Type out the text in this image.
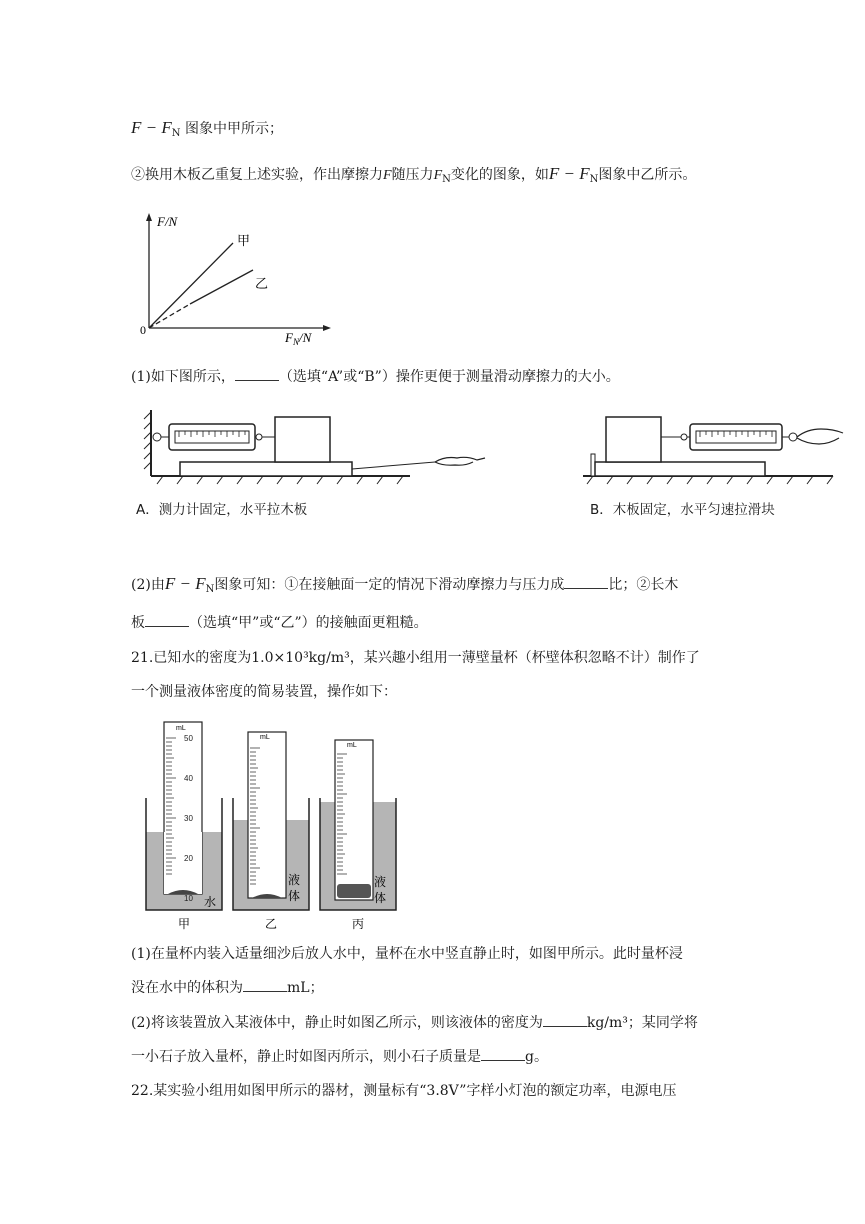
$F - F_N$ 图象中甲所示；
②换用木板乙重复上述实验，作出摩擦力F随压力$F_N$变化的图象，如$F - F_N$图象中乙所示。
F/N
甲
乙
0	$F_N/N$
(1)如下图所示，	（选填“A”或“B”）操作更便于测量滑动摩擦力的大小。
A．测力计固定，水平拉木板	B．木板固定，水平匀速拉滑块
(2)由$F - F_N$图象可知：①在接触面一定的情况下滑动摩擦力与压力成	比；②长木
板	（选填“甲”或“乙”）的接触面更粗糙。
21.已知水的密度为1.0×10³kg/m³，某兴趣小组用一薄壁量杯（杯壁体积忽略不计）制作了
一个测量液体密度的简易装置，操作如下：
mL
50
40
30
20
10 水
甲
mL
液
体
乙
mL
液
体
丙
(1)在量杯内装入适量细沙后放人水中，量杯在水中竖直静止时，如图甲所示。此时量杯浸
没在水中的体积为	mL；
(2)将该装置放入某液体中，静止时如图乙所示，则该液体的密度为	kg/m³；某同学将
一小石子放入量杯，静止时如图丙所示，则小石子质量是	g。
22.某实验小组用如图甲所示的器材，测量标有“3.8V”字样小灯泡的额定功率，电源电压
